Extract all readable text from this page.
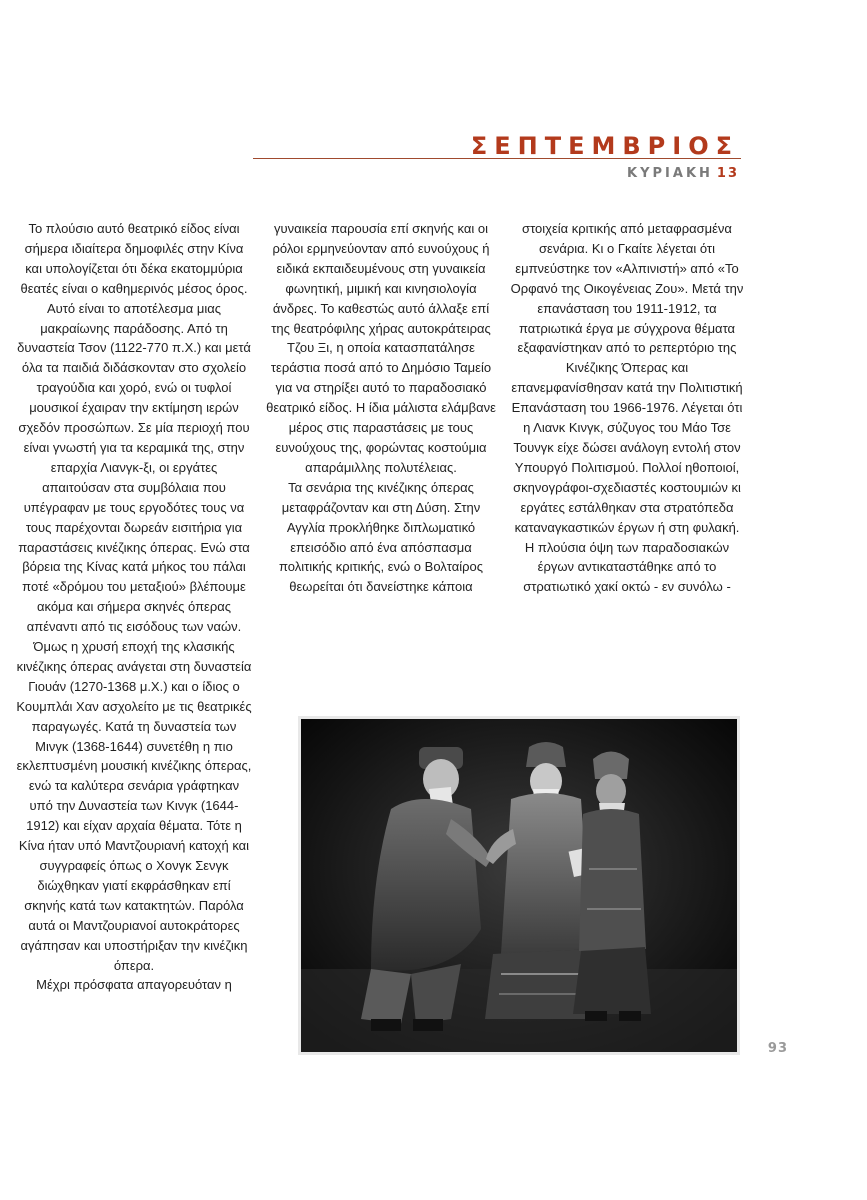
ΣΕΠΤΕΜΒΡΙΟΣ
ΚΥΡΙΑΚΗ 13

Το πλούσιο αυτό θεατρικό είδος είναι σήμερα ιδιαίτερα δημοφιλές στην Κίνα και υπολογίζεται ότι δέκα εκατομμύρια θεατές είναι ο καθημερινός μέσος όρος. Αυτό είναι το αποτέλεσμα μιας μακραίωνης παράδοσης. Από τη δυναστεία Τσον (1122-770 π.Χ.) και μετά όλα τα παιδιά διδάσκονταν στο σχολείο τραγούδια και χορό, ενώ οι τυφλοί μουσικοί έχαιραν την εκτίμηση ιερών σχεδόν προσώπων. Σε μία περιοχή που είναι γνωστή για τα κεραμικά της, στην επαρχία Λιανγκ-ξι, οι εργάτες απαιτούσαν στα συμβόλαια που υπέγραφαν με τους εργοδότες τους να τους παρέχονται δωρεάν εισιτήρια για παραστάσεις κινέζικης όπερας. Ενώ στα βόρεια της Κίνας κατά μήκος του πάλαι ποτέ «δρόμου του μεταξιού» βλέπουμε ακόμα και σήμερα σκηνές όπερας απέναντι από τις εισόδους των ναών. Όμως η χρυσή εποχή της κλασικής κινέζικης όπερας ανάγεται στη δυναστεία Γιουάν (1270-1368 μ.Χ.) και ο ίδιος ο Κουμπλάι Χαν ασχολείτο με τις θεατρικές παραγωγές. Κατά τη δυναστεία των Μινγκ (1368-1644) συνετέθη η πιο εκλεπτυσμένη μουσική κινέζικης όπερας, ενώ τα καλύτερα σενάρια γράφτηκαν υπό την Δυναστεία των Κινγκ (1644-1912) και είχαν αρχαία θέματα. Τότε η Κίνα ήταν υπό Μαντζουριανή κατοχή και συγγραφείς όπως ο Χονγκ Σενγκ διώχθηκαν γιατί εκφράσθηκαν επί σκηνής κατά των κατακτητών. Παρόλα αυτά οι Μαντζουριανοί αυτοκράτορες αγάπησαν και υποστήριξαν την κινέζικη όπερα.

Μέχρι πρόσφατα απαγορευόταν η

γυναικεία παρουσία επί σκηνής και οι ρόλοι ερμηνεύονταν από ευνούχους ή ειδικά εκπαιδευμένους στη γυναικεία φωνητική, μιμική και κινησιολογία άνδρες. Το καθεστώς αυτό άλλαξε επί της θεατρόφιλης χήρας αυτοκράτειρας Τζου Ξι, η οποία κατασπατάλησε τεράστια ποσά από το Δημόσιο Ταμείο για να στηρίξει αυτό το παραδοσιακό θεατρικό είδος. Η ίδια μάλιστα ελάμβανε μέρος στις παραστάσεις με τους ευνούχους της, φορώντας κοστούμια απαράμιλλης πολυτέλειας.

Τα σενάρια της κινέζικης όπερας μεταφράζονταν και στη Δύση. Στην Αγγλία προκλήθηκε διπλωματικό επεισόδιο από ένα απόσπασμα πολιτικής κριτικής, ενώ ο Βολταίρος θεωρείται ότι δανείστηκε κάποια

στοιχεία κριτικής από μεταφρασμένα σενάρια. Κι ο Γκαίτε λέγεται ότι εμπνεύστηκε τον «Αλπινιστή» από «Το Ορφανό της Οικογένειας Ζου». Μετά την επανάσταση του 1911-1912, τα πατριωτικά έργα με σύγχρονα θέματα εξαφανίστηκαν από το ρεπερτόριο της Κινέζικης Όπερας και επανεμφανίσθησαν κατά την Πολιτιστική Επανάσταση του 1966-1976. Λέγεται ότι η Λιανκ Κινγκ, σύζυγος του Μάο Τσε Τουνγκ είχε δώσει ανάλογη εντολή στον Υπουργό Πολιτισμού. Πολλοί ηθοποιοί, σκηνογράφοι-σχεδιαστές κοστουμιών κι εργάτες εστάλθηκαν στα στρατόπεδα καταναγκαστικών έργων ή στη φυλακή. Η πλούσια όψη των παραδοσιακών έργων αντικαταστάθηκε από το στρατιωτικό χακί οκτώ - εν συνόλω -

93
